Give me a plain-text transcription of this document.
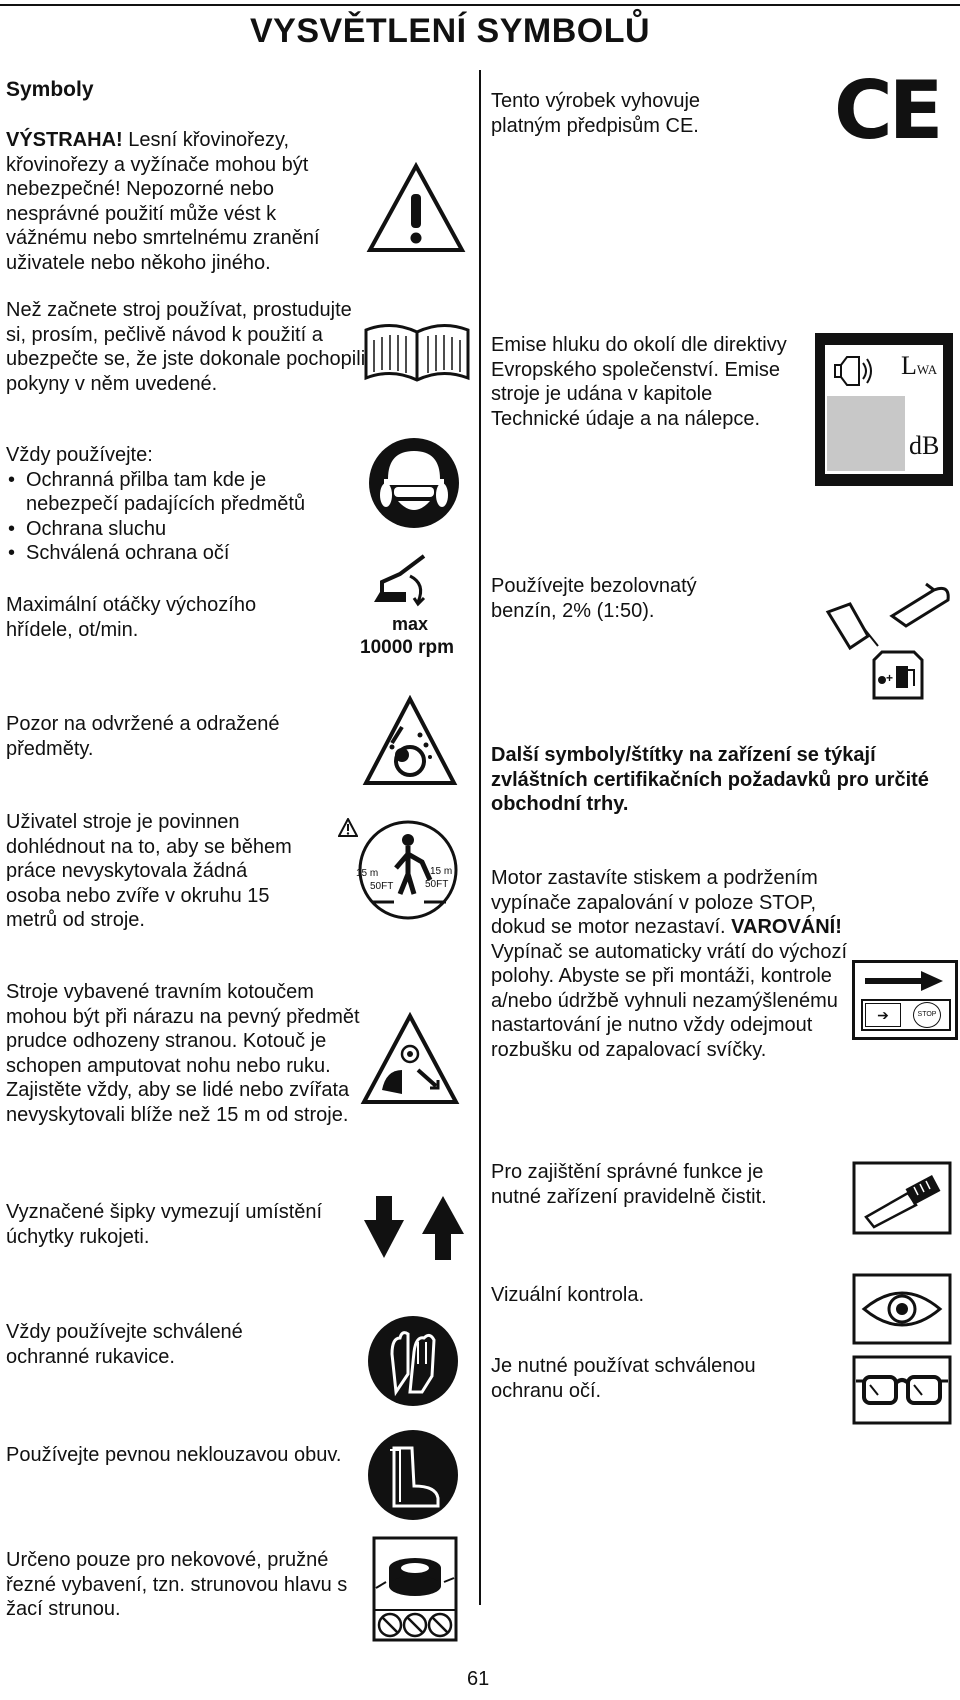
VYSVĚTLENÍ SYMBOLŮ
Symboly
VÝSTRAHA! Lesní křovinořezy, křovinořezy a vyžínače mohou být nebezpečné! Nepozorné nebo nesprávné použití může vést k vážnému nebo smrtelnému zranění uživatele nebo někoho jiného.
Než začnete stroj používat, prostudujte si, prosím, pečlivě návod k použití a ubezpečte se, že jste dokonale pochopili pokyny v něm uvedené.
Vždy používejte:
• Ochranná přilba tam kde je nebezpečí padajících předmětů
• Ochrana sluchu
• Schválená ochrana očí
Maximální otáčky výchozího hřídele, ot/min.	max
10000 rpm
Pozor na odvržené a odražené předměty.
Uživatel stroje je povinnen dohlédnout na to, aby se během práce nevyskytovala žádná osoba nebo zvíře v okruhu 15 metrů od stroje.
15 m
50FT
15 m
50FT
Stroje vybavené travním kotoučem mohou být při nárazu na pevný předmět prudce odhozeny stranou. Kotouč je schopen amputovat nohu nebo ruku. Zajistěte vždy, aby se lidé nebo zvířata nevyskytovali blíže než 15 m od stroje.
Vyznačené šipky vymezují umístění úchytky rukojeti.
Vždy používejte schválené ochranné rukavice.
Používejte pevnou neklouzavou obuv.
Určeno pouze pro nekovové, pružné řezné vybavení, tzn. strunovou hlavu s žací strunou.
Tento výrobek vyhovuje platným předpisům CE.	CE
Emise hluku do okolí dle direktivy Evropského společenství. Emise stroje je udána v kapitole Technické údaje a na nálepce.
LWA
dB
Používejte bezolovnatý benzín, 2% (1:50).
+
Další symboly/štítky na zařízení se týkají zvláštních certifikačních požadavků pro určité obchodní trhy.
Motor zastavíte stiskem a podržením vypínače zapalování v poloze STOP, dokud se motor nezastaví. VAROVÁNÍ! Vypínač se automaticky vrátí do výchozí polohy. Abyste se při montáži, kontrole a/nebo údržbě vyhnuli nezamýšlenému nastartování je nutno vždy odejmout rozbušku od zapalovací svíčky.
➔	STOP
Pro zajištění správné funkce je nutné zařízení pravidelně čistit.
Vizuální kontrola.
Je nutné používat schválenou ochranu očí.
61
